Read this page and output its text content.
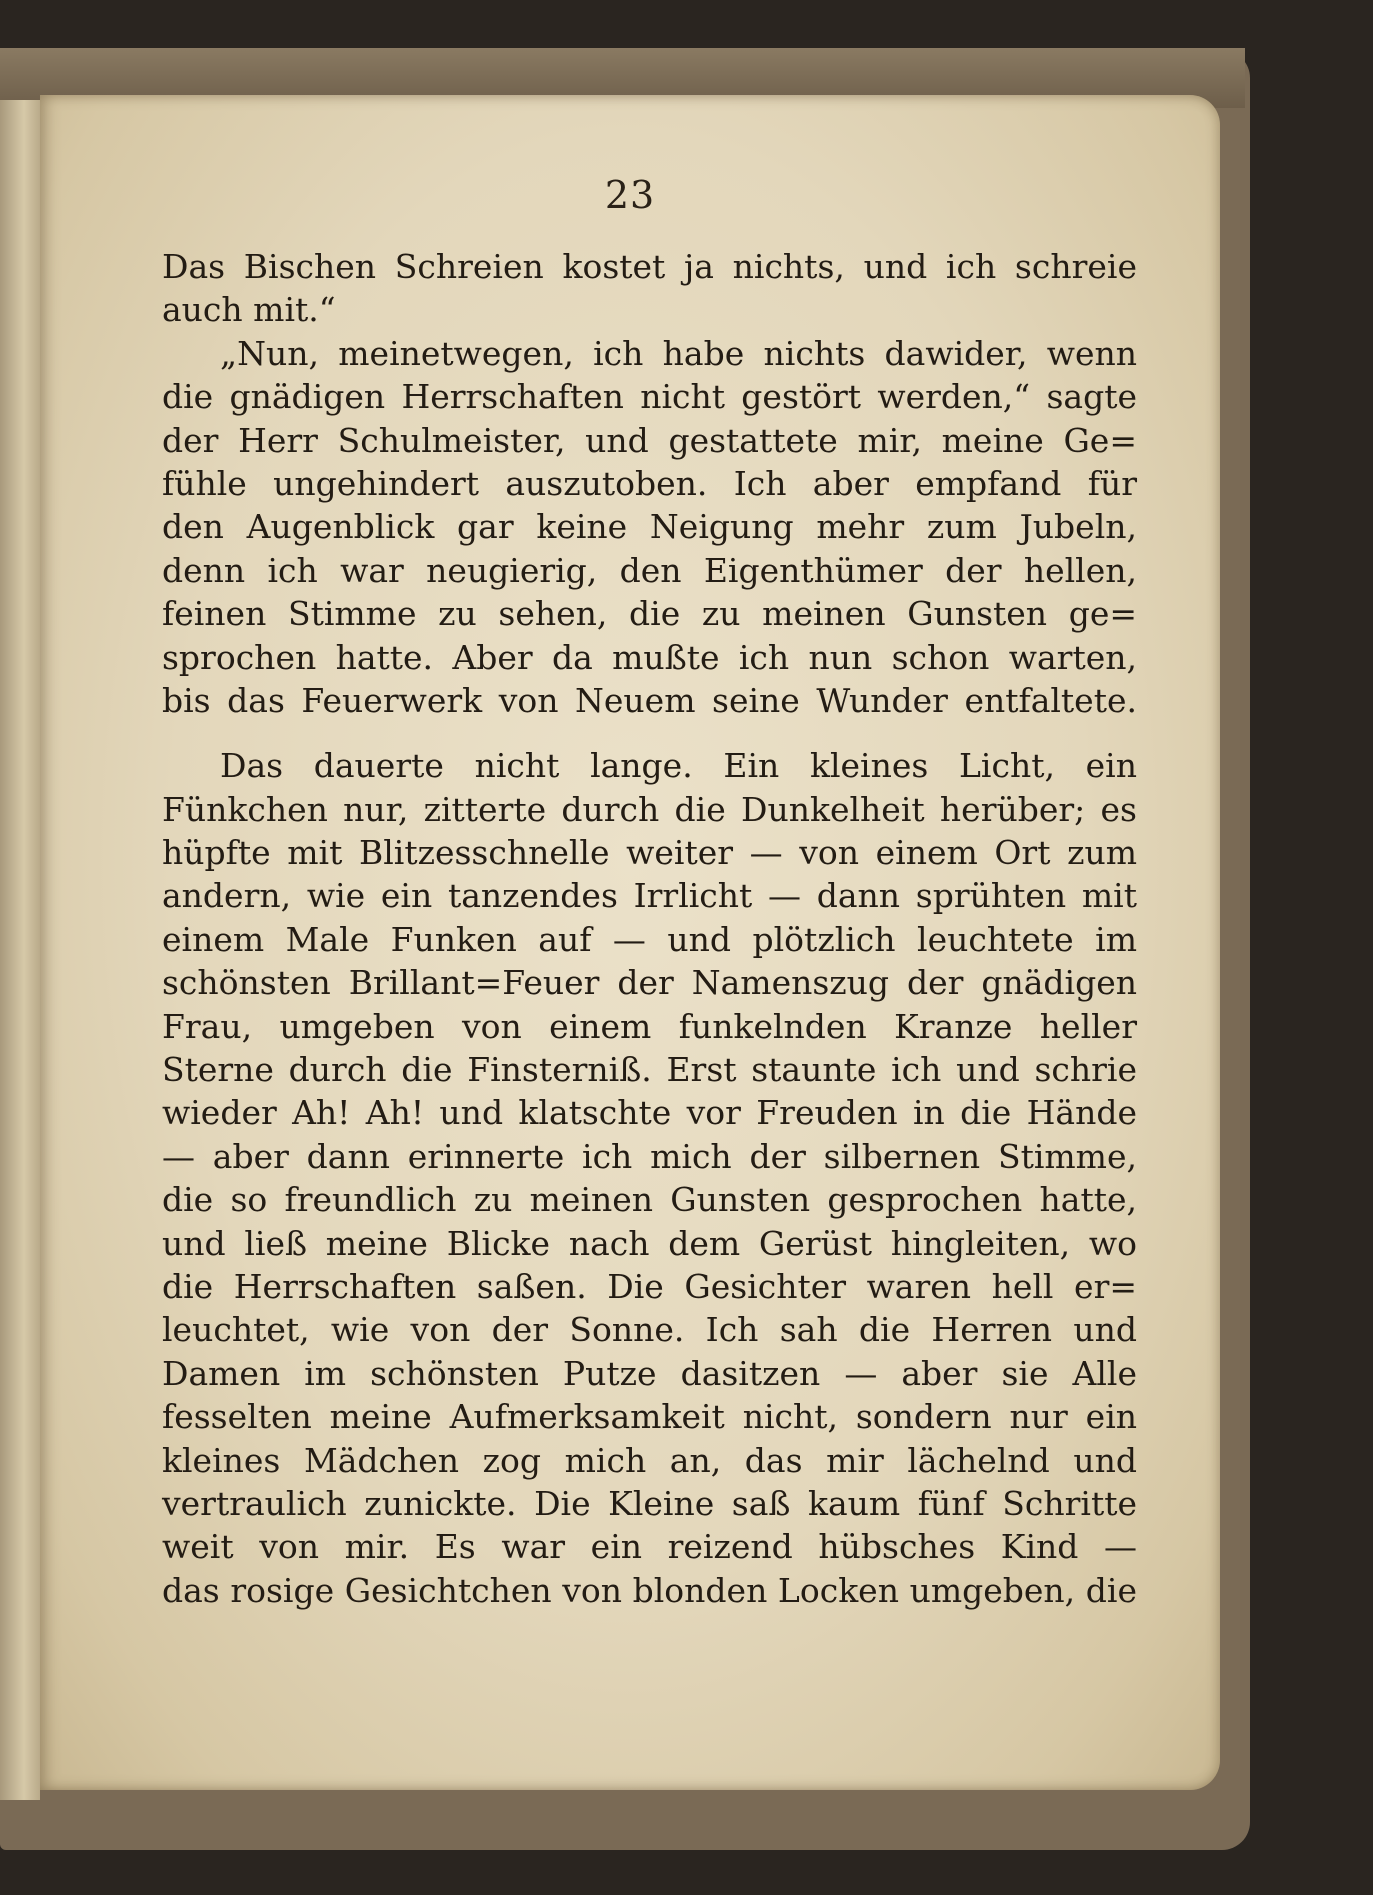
23
Das Bischen Schreien kostet ja nichts, und ich schreie
auch mit.“
„Nun, meinetwegen, ich habe nichts dawider, wenn
die gnädigen Herrschaften nicht gestört werden,“ sagte
der Herr Schulmeister, und gestattete mir, meine Ge=
fühle ungehindert auszutoben. Ich aber empfand für
den Augenblick gar keine Neigung mehr zum Jubeln,
denn ich war neugierig, den Eigenthümer der hellen,
feinen Stimme zu sehen, die zu meinen Gunsten ge=
sprochen hatte. Aber da mußte ich nun schon warten,
bis das Feuerwerk von Neuem seine Wunder entfaltete.
Das dauerte nicht lange. Ein kleines Licht, ein
Fünkchen nur, zitterte durch die Dunkelheit herüber; es
hüpfte mit Blitzesschnelle weiter — von einem Ort zum
andern, wie ein tanzendes Irrlicht — dann sprühten mit
einem Male Funken auf — und plötzlich leuchtete im
schönsten Brillant=Feuer der Namenszug der gnädigen
Frau, umgeben von einem funkelnden Kranze heller
Sterne durch die Finsterniß. Erst staunte ich und schrie
wieder Ah! Ah! und klatschte vor Freuden in die Hände
— aber dann erinnerte ich mich der silbernen Stimme,
die so freundlich zu meinen Gunsten gesprochen hatte,
und ließ meine Blicke nach dem Gerüst hingleiten, wo
die Herrschaften saßen. Die Gesichter waren hell er=
leuchtet, wie von der Sonne. Ich sah die Herren und
Damen im schönsten Putze dasitzen — aber sie Alle
fesselten meine Aufmerksamkeit nicht, sondern nur ein
kleines Mädchen zog mich an, das mir lächelnd und
vertraulich zunickte. Die Kleine saß kaum fünf Schritte
weit von mir. Es war ein reizend hübsches Kind —
das rosige Gesichtchen von blonden Locken umgeben, die
